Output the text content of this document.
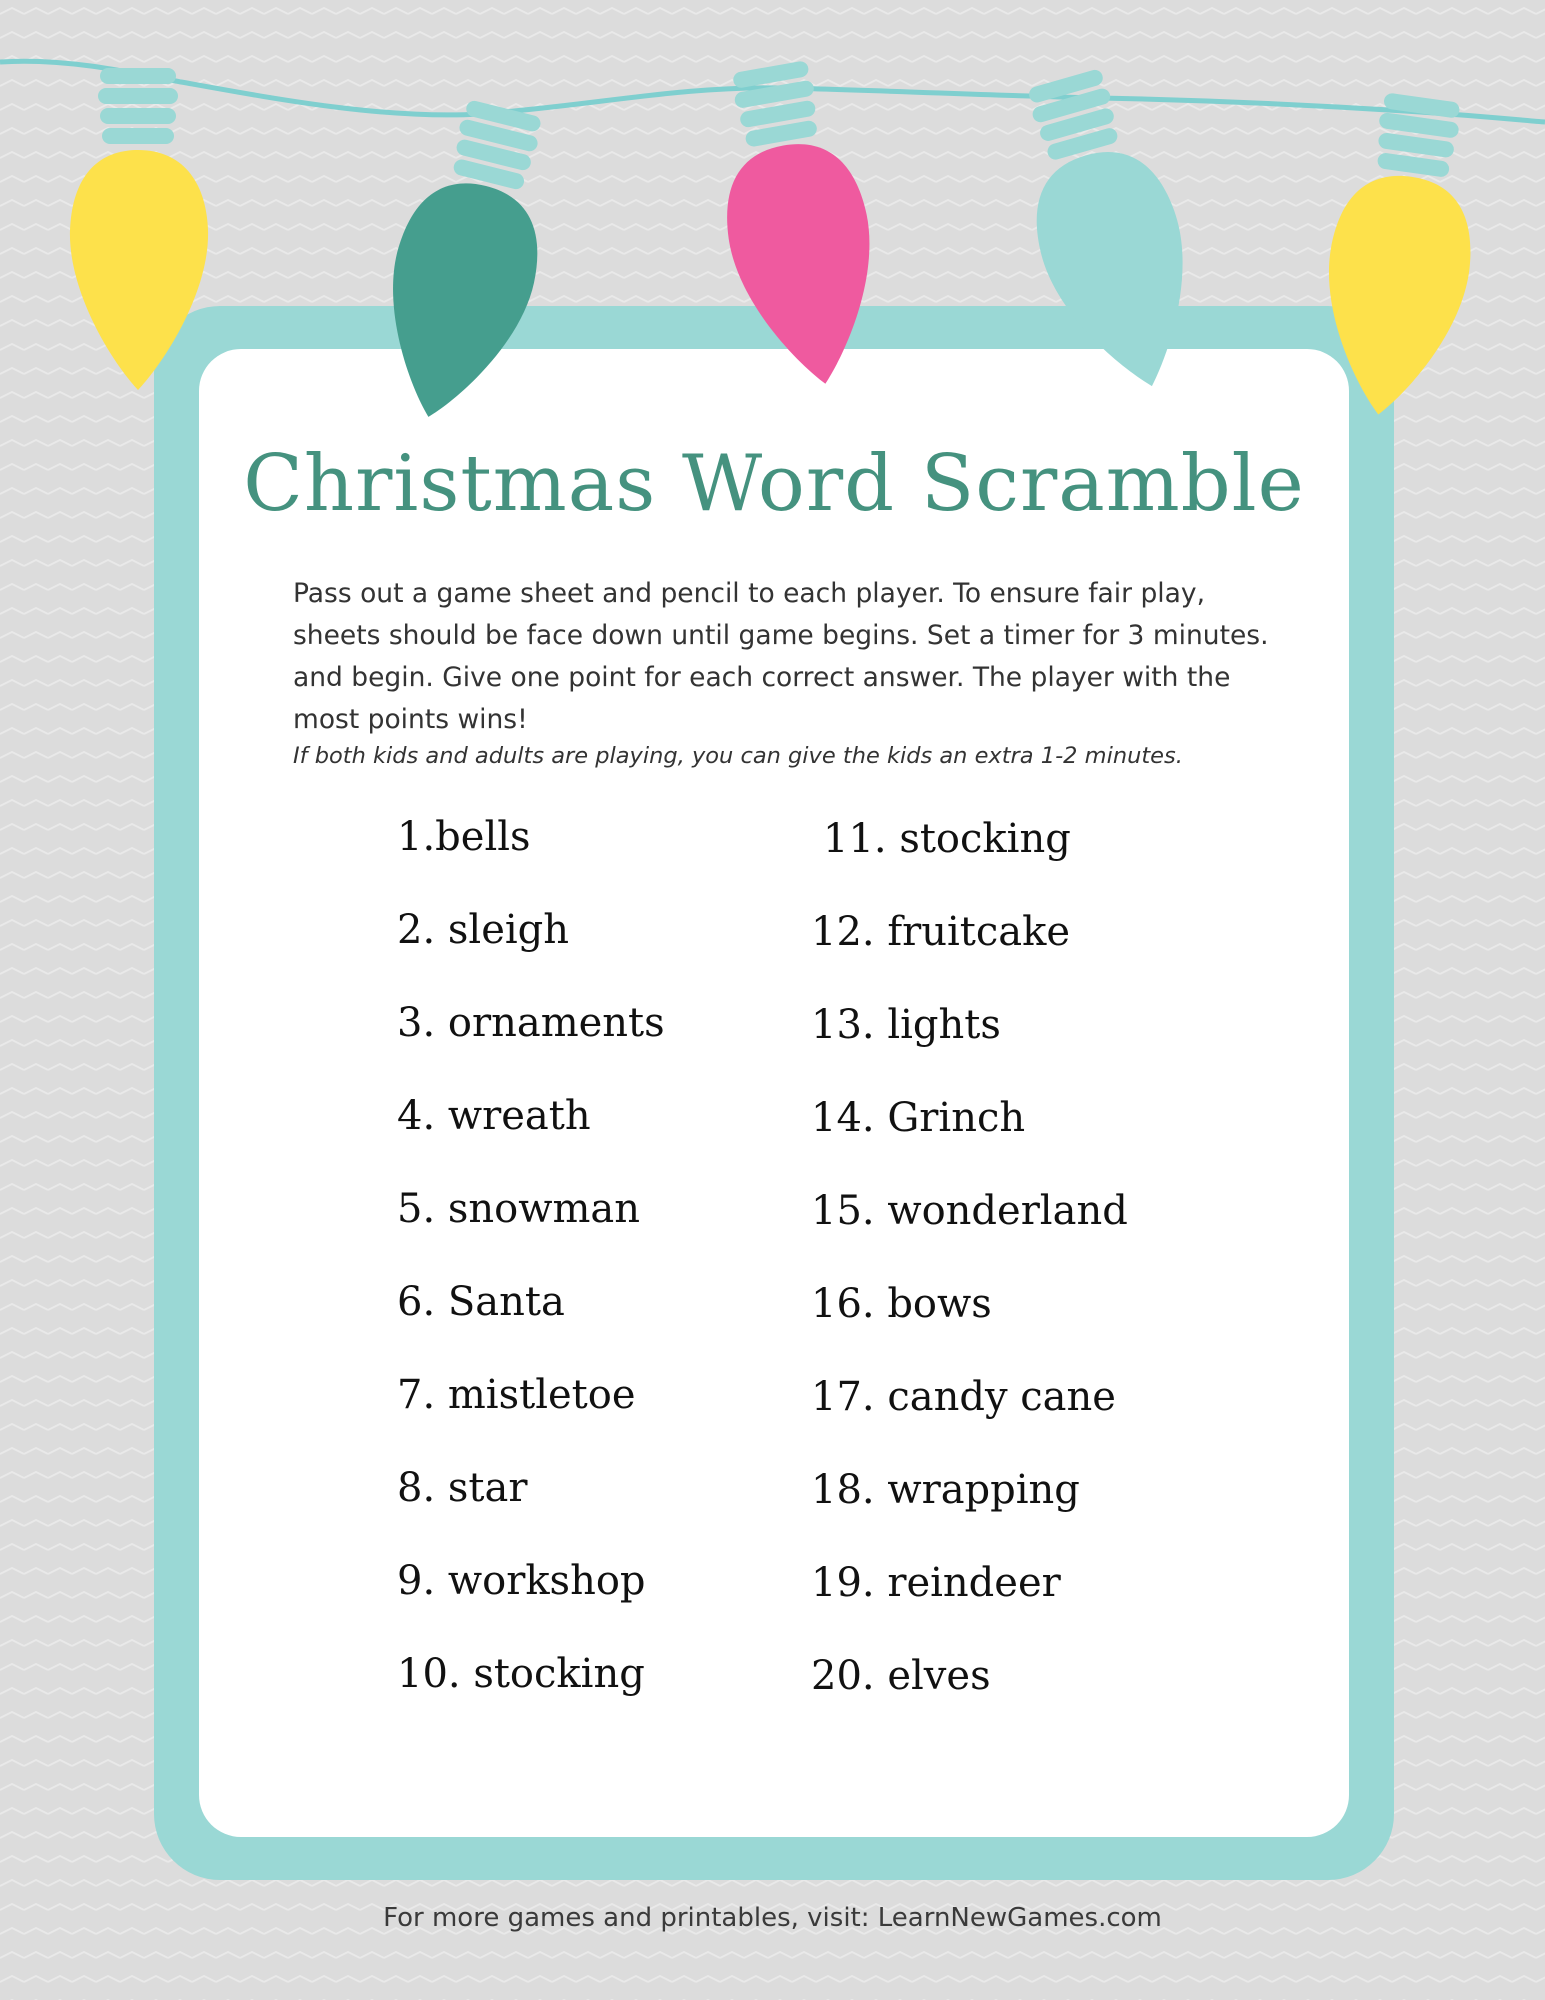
Christmas Word Scramble

Pass out a game sheet and pencil to each player. To ensure fair play, sheets should be face down until game begins. Set a timer for 3 minutes. and begin. Give one point for each correct answer. The player with the most points wins!

If both kids and adults are playing, you can give the kids an extra 1-2 minutes.

1.bells
2. sleigh
3. ornaments
4. wreath
5. snowman
6. Santa
7. mistletoe
8. star
9. workshop
10. stocking
11. stocking
12. fruitcake
13. lights
14. Grinch
15. wonderland
16. bows
17. candy cane
18. wrapping
19. reindeer
20. elves

For more games and printables, visit: LearnNewGames.com
